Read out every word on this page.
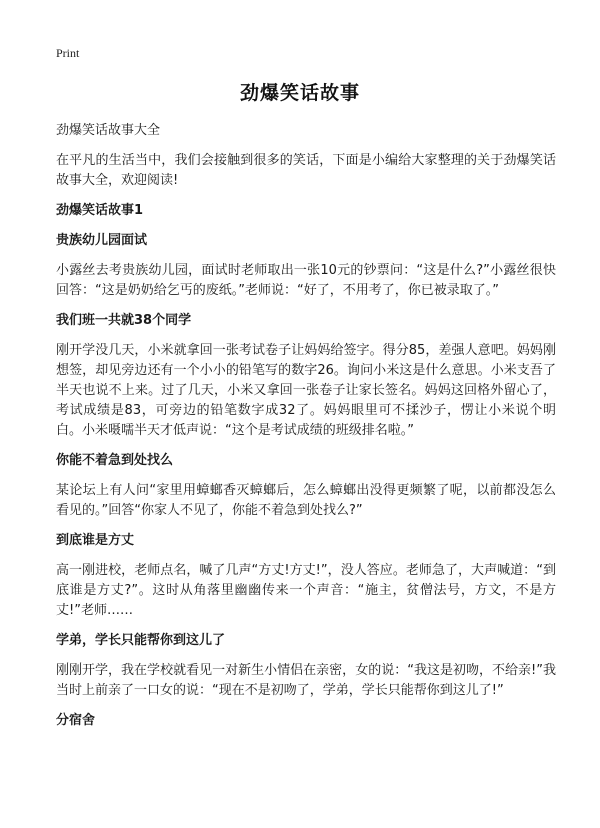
Print
劲爆笑话故事

劲爆笑话故事大全

在平凡的生活当中，我们会接触到很多的笑话，下面是小编给大家整理的关于劲爆笑话故事大全，欢迎阅读!

劲爆笑话故事1

贵族幼儿园面试

小露丝去考贵族幼儿园，面试时老师取出一张10元的钞票问：“这是什么?”小露丝很快回答：“这是奶奶给乞丐的废纸。”老师说：“好了，不用考了，你已被录取了。”

我们班一共就38个同学

刚开学没几天，小米就拿回一张考试卷子让妈妈给签字。得分85，差强人意吧。妈妈刚想签，却见旁边还有一个小小的铅笔写的数字26。询问小米这是什么意思。小米支吾了半天也说不上来。过了几天，小米又拿回一张卷子让家长签名。妈妈这回格外留心了，考试成绩是83，可旁边的铅笔数字成32了。妈妈眼里可不揉沙子，愣让小米说个明白。小米嗫嚅半天才低声说：“这个是考试成绩的班级排名啦。”

你能不着急到处找么

某论坛上有人问“家里用蟑螂香灭蟑螂后，怎么蟑螂出没得更频繁了呢，以前都没怎么看见的。”回答“你家人不见了，你能不着急到处找么?”

到底谁是方丈

高一刚进校，老师点名，喊了几声“方丈!方丈!”，没人答应。老师急了，大声喊道：“到底谁是方丈?”。这时从角落里幽幽传来一个声音：“施主，贫僧法号，方文，不是方丈!”老师……

学弟，学长只能帮你到这儿了

刚刚开学，我在学校就看见一对新生小情侣在亲密，女的说：“我这是初吻，不给亲!”我当时上前亲了一口女的说：“现在不是初吻了，学弟，学长只能帮你到这儿了!”

分宿舍
